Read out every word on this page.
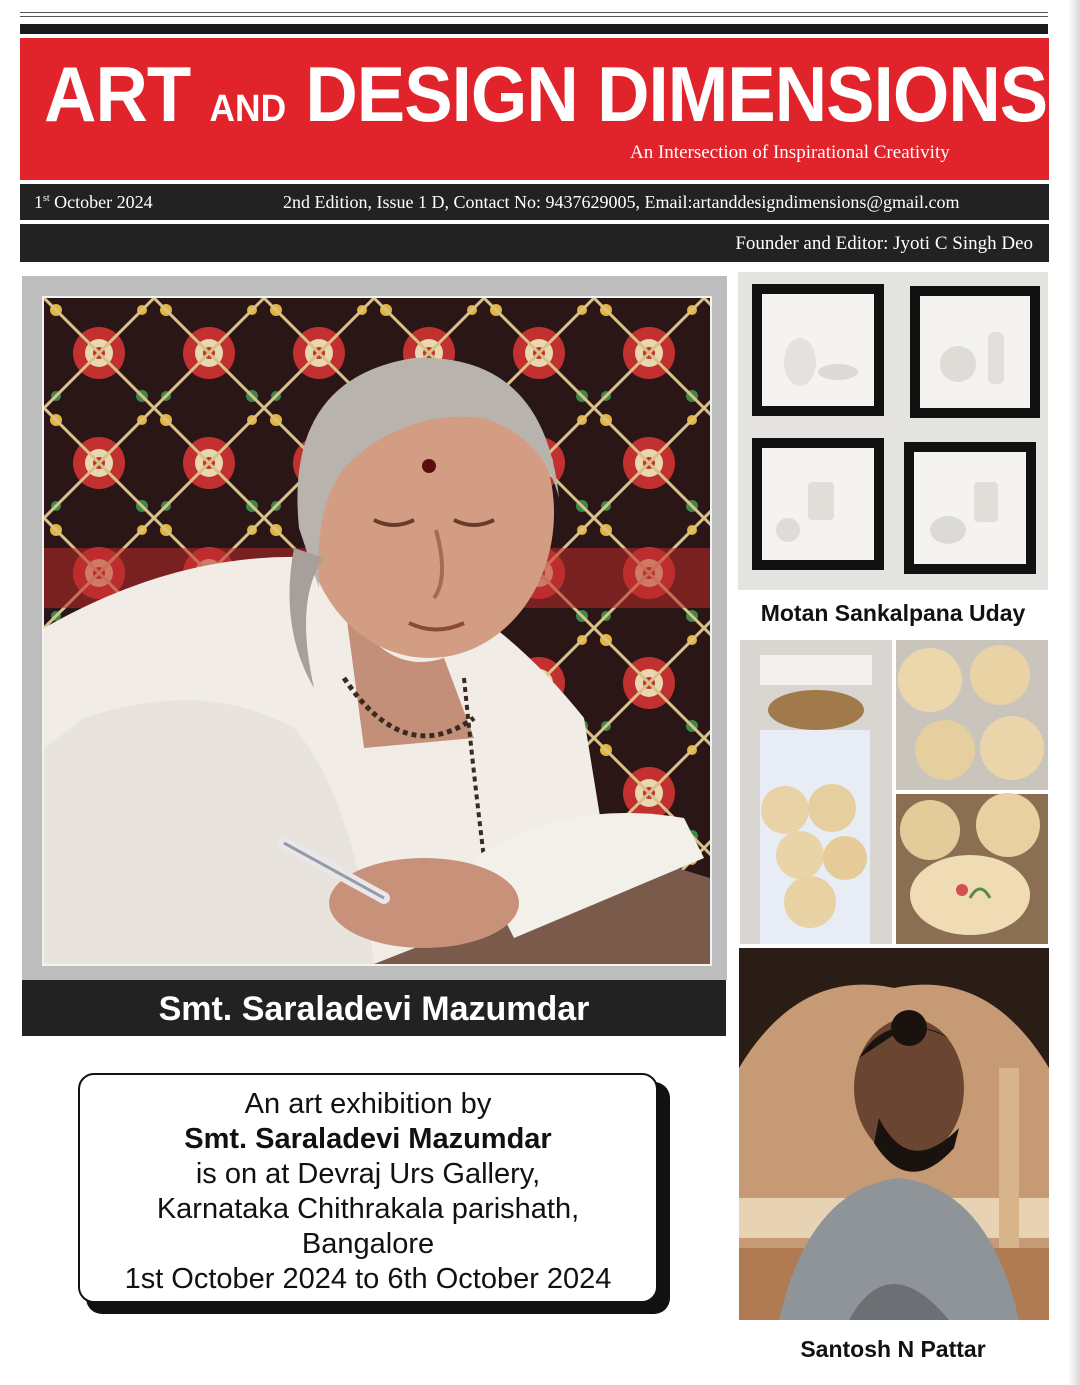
ART AND DESIGN DIMENSIONS
An Intersection of Inspirational Creativity
1st October 2024	2nd Edition, Issue 1 D, Contact No: 9437629005, Email:artanddesigndimensions@gmail.com
Founder and Editor: Jyoti C Singh Deo
Smt. Saraladevi Mazumdar
An art exhibition by
Smt. Saraladevi Mazumdar
is on at Devraj Urs Gallery,
Karnataka Chithrakala parishath,
Bangalore
1st October 2024 to 6th October 2024
Motan Sankalpana Uday
Santosh N Pattar
